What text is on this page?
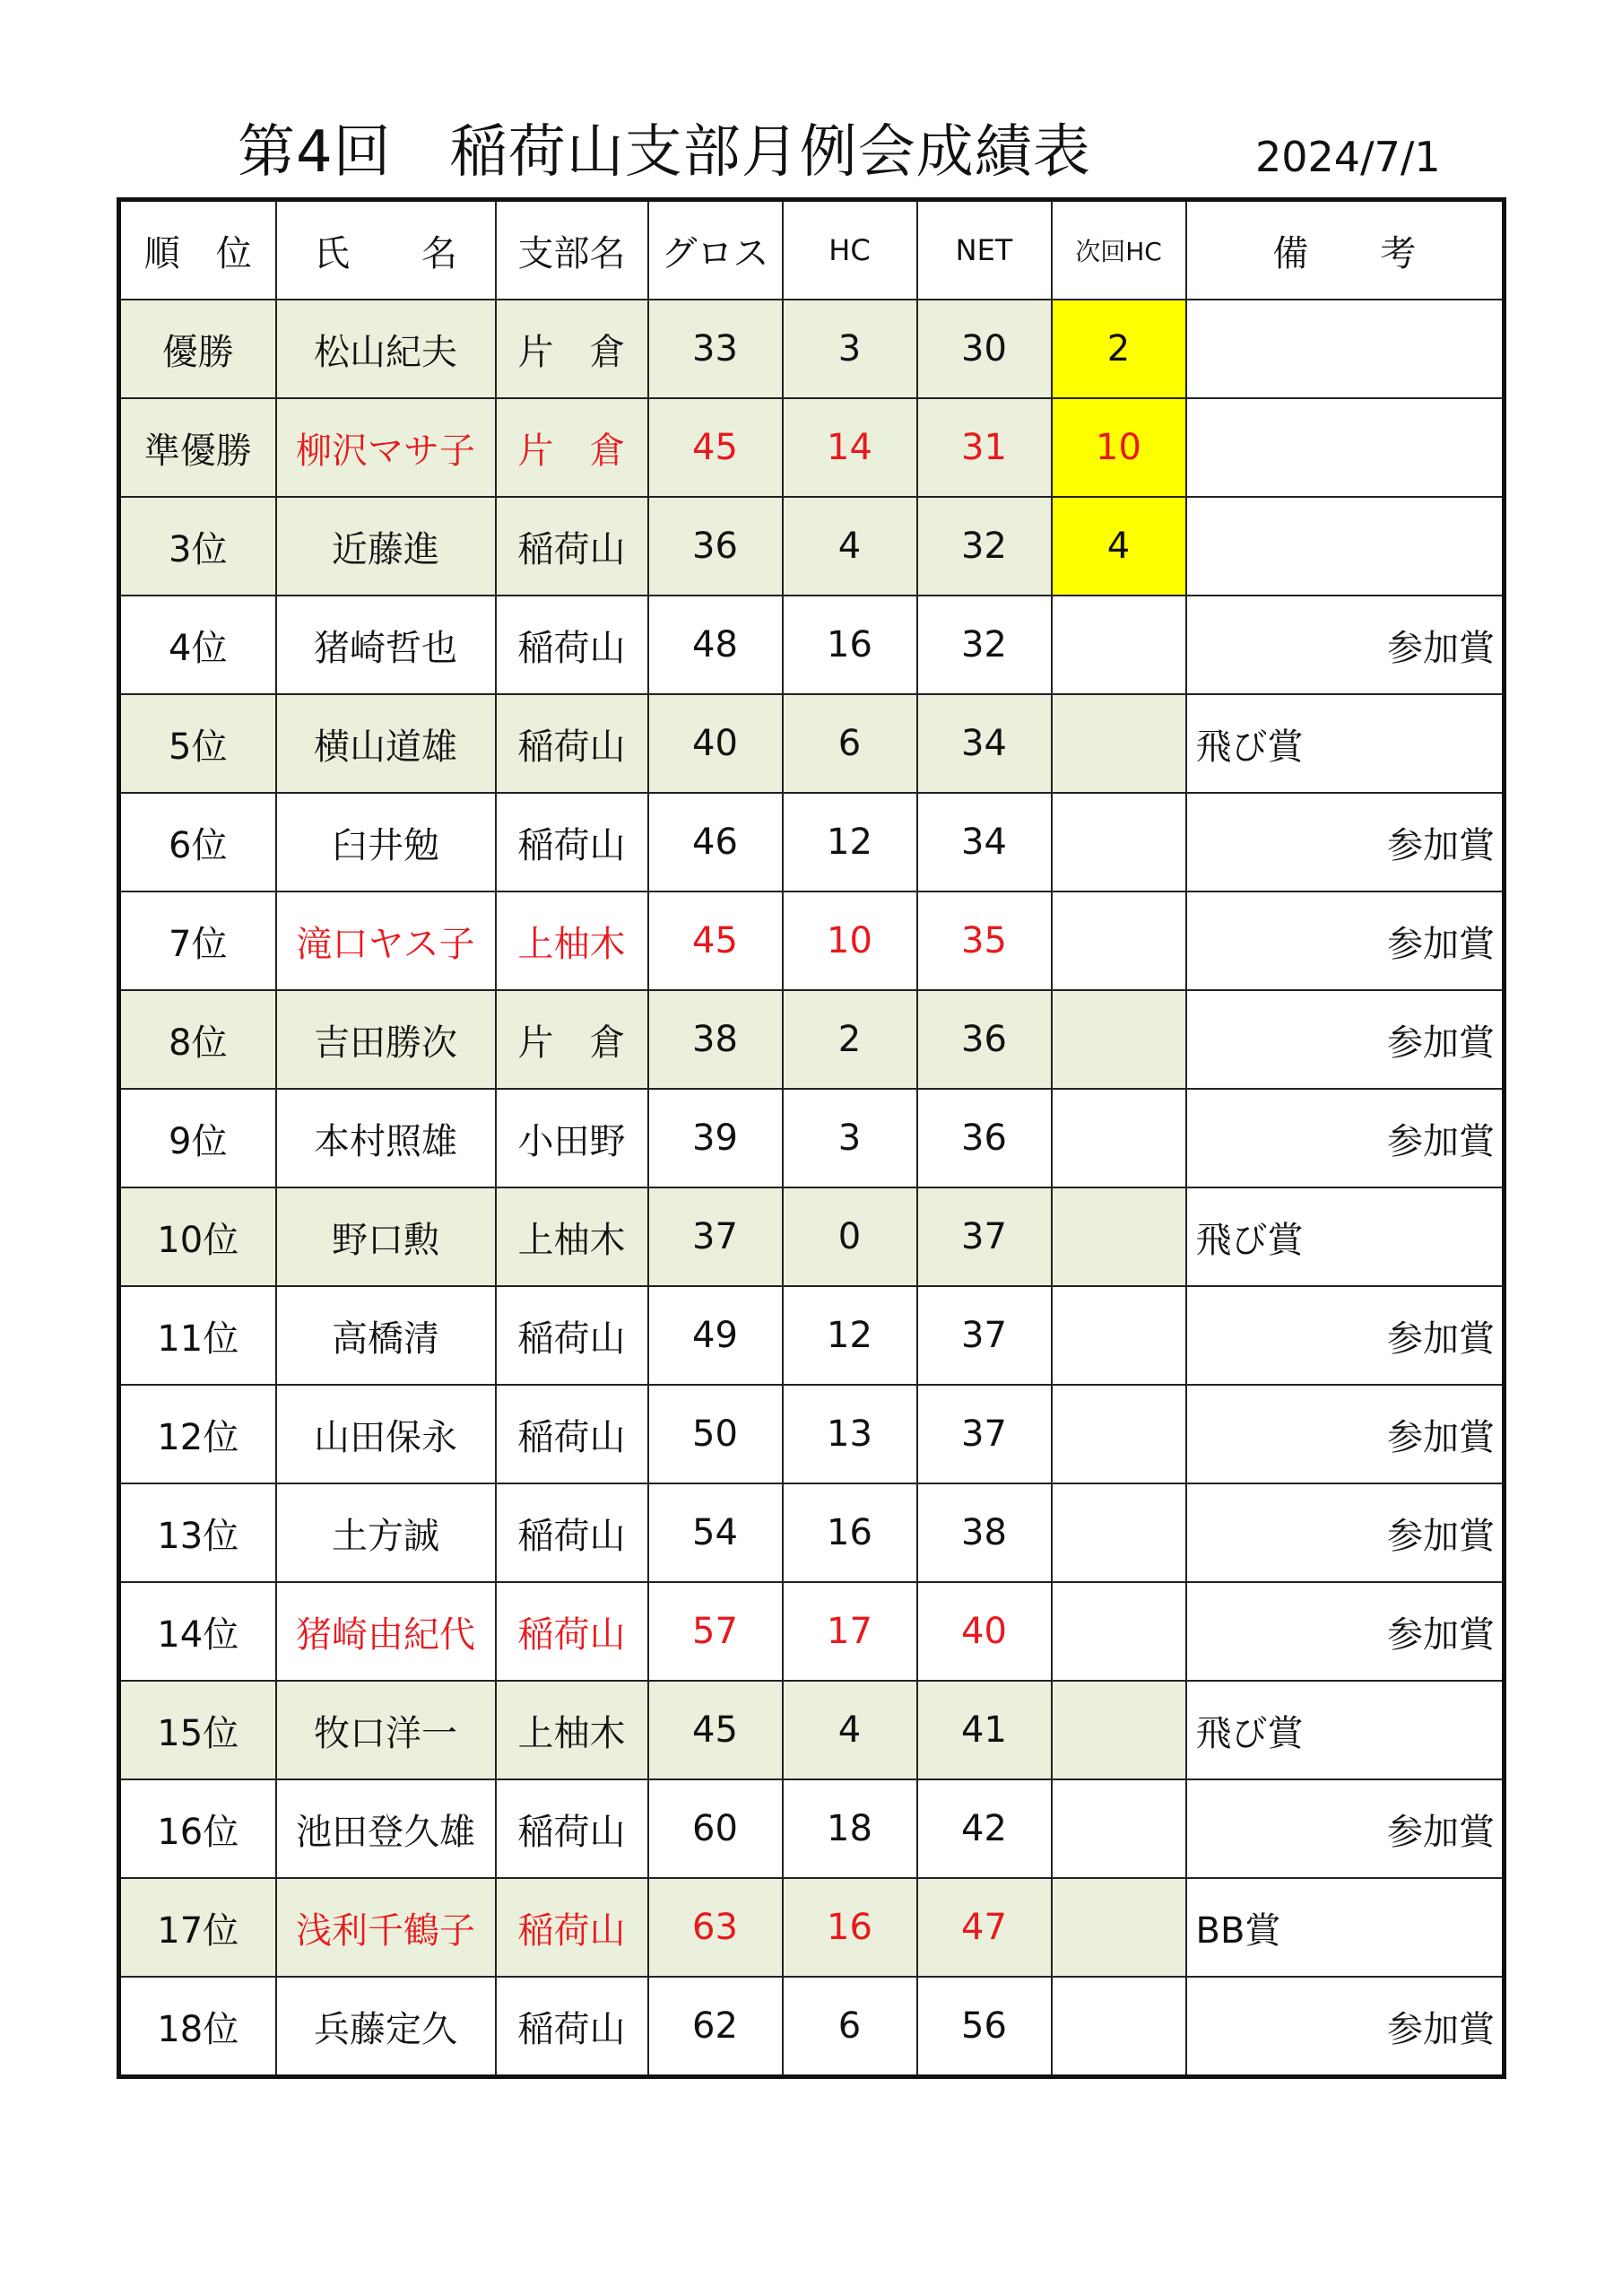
第4回　稲荷山支部月例会成績表	2024/7/1
順　位	氏　　名	支部名	グロス	HC	NET	次回HC	備　　考
優勝	松山紀夫	片　倉	33	3	30	2	
準優勝	柳沢マサ子	片　倉	45	14	31	10	
3位	近藤進	稲荷山	36	4	32	4	
4位	猪崎哲也	稲荷山	48	16	32		参加賞
5位	横山道雄	稲荷山	40	6	34		飛び賞
6位	臼井勉	稲荷山	46	12	34		参加賞
7位	滝口ヤス子	上柚木	45	10	35		参加賞
8位	吉田勝次	片　倉	38	2	36		参加賞
9位	本村照雄	小田野	39	3	36		参加賞
10位	野口勲	上柚木	37	0	37		飛び賞
11位	高橋清	稲荷山	49	12	37		参加賞
12位	山田保永	稲荷山	50	13	37		参加賞
13位	土方誠	稲荷山	54	16	38		参加賞
14位	猪崎由紀代	稲荷山	57	17	40		参加賞
15位	牧口洋一	上柚木	45	4	41		飛び賞
16位	池田登久雄	稲荷山	60	18	42		参加賞
17位	浅利千鶴子	稲荷山	63	16	47		BB賞
18位	兵藤定久	稲荷山	62	6	56		参加賞
